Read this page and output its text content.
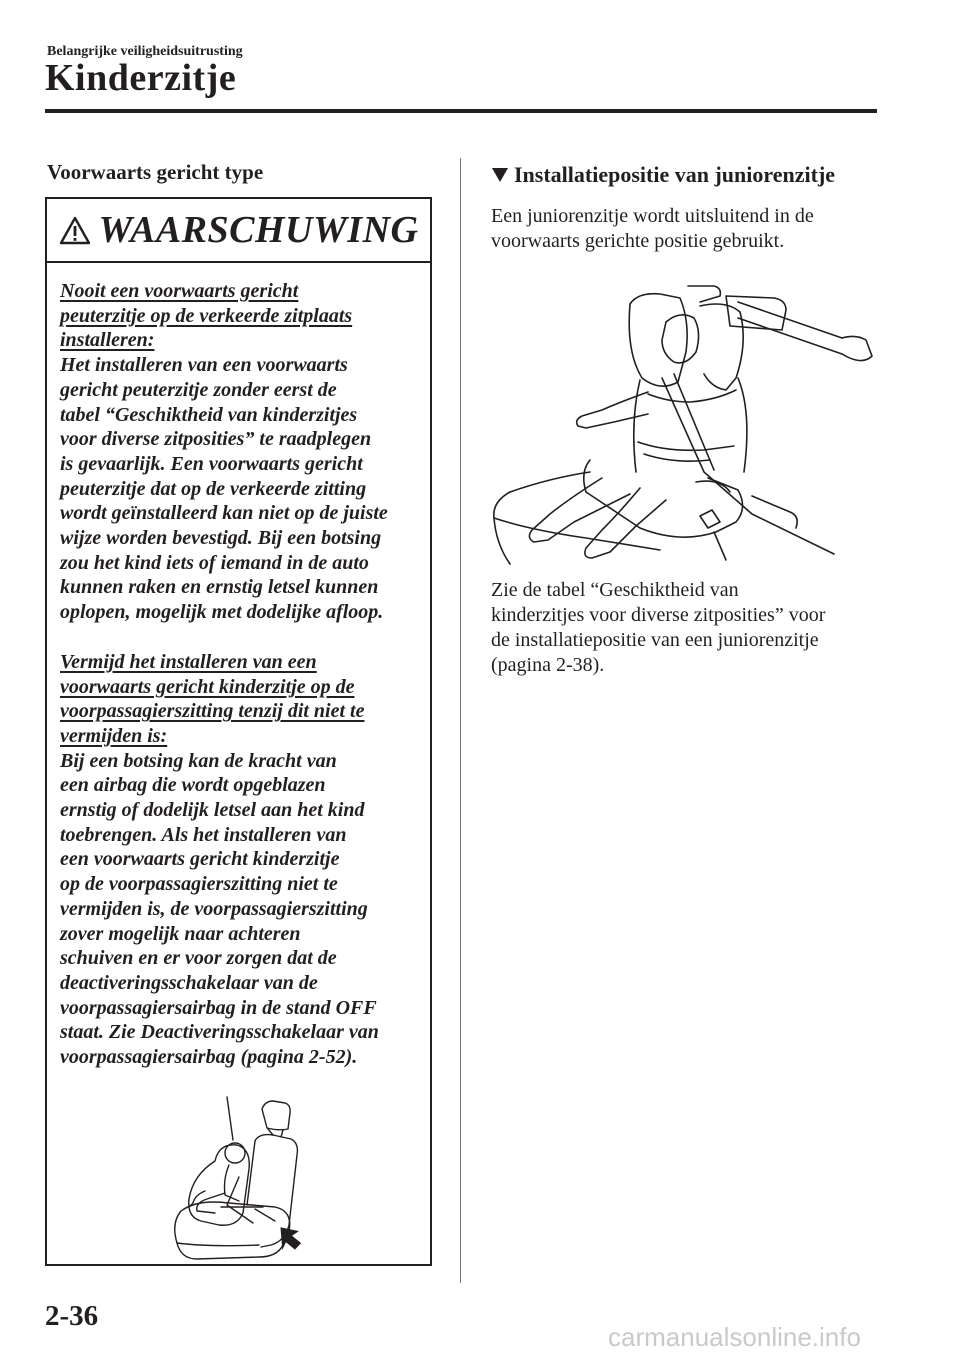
Belangrijke veiligheidsuitrusting
Kinderzitje
Voorwaarts gericht type
WAARSCHUWING

Nooit een voorwaarts gericht

peuterzitje op de verkeerde zitplaats

installeren:

Het installeren van een voorwaarts

gericht peuterzitje zonder eerst de

tabel “Geschiktheid van kinderzitjes

voor diverse zitposities” te raadplegen

is gevaarlijk. Een voorwaarts gericht

peuterzitje dat op de verkeerde zitting

wordt geïnstalleerd kan niet op de juiste

wijze worden bevestigd. Bij een botsing

zou het kind iets of iemand in de auto

kunnen raken en ernstig letsel kunnen

oplopen, mogelijk met dodelijke afloop.

Vermijd het installeren van een

voorwaarts gericht kinderzitje op de

voorpassagierszitting tenzij dit niet te

vermijden is:

Bij een botsing kan de kracht van

een airbag die wordt opgeblazen

ernstig of dodelijk letsel aan het kind

toebrengen. Als het installeren van

een voorwaarts gericht kinderzitje

op de voorpassagierszitting niet te

vermijden is, de voorpassagierszitting

zover mogelijk naar achteren

schuiven en er voor zorgen dat de

deactiveringsschakelaar van de

voorpassagiersairbag in de stand OFF

staat. Zie Deactiveringsschakelaar van

voorpassagiersairbag (pagina 2-52).

Installatiepositie van juniorenzitje
Een juniorenzitje wordt uitsluitend in de
voorwaarts gerichte positie gebruikt.
Zie de tabel “Geschiktheid van
kinderzitjes voor diverse zitposities” voor
de installatiepositie van een juniorenzitje
(pagina 2-38).
2-36
carmanualsonline.info
